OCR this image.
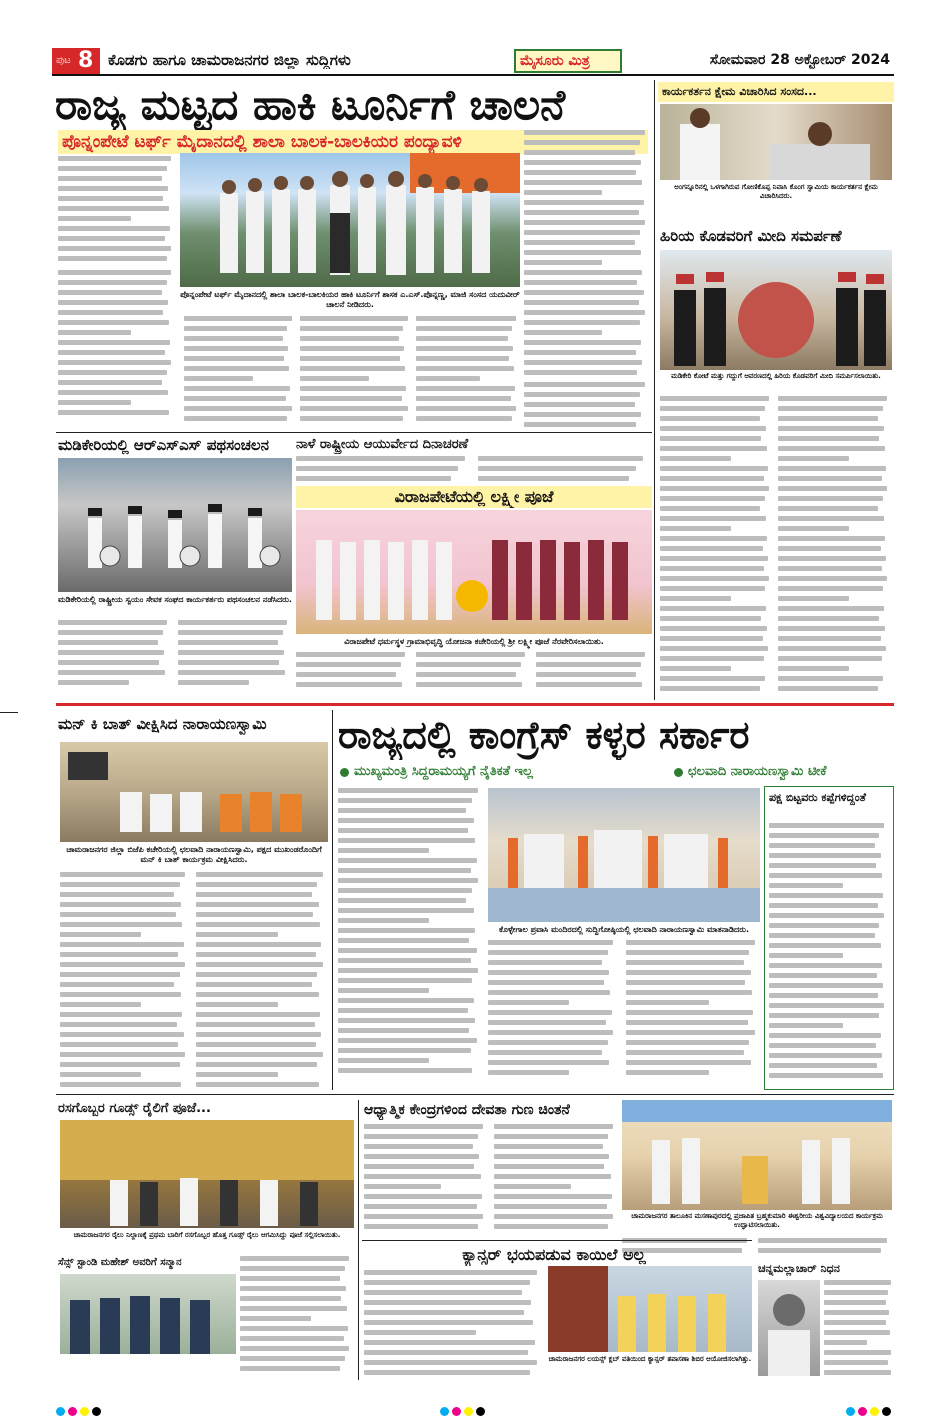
ಪುಟ 8 ಕೊಡಗು ಹಾಗೂ ಚಾಮರಾಜನಗರ ಜಿಲ್ಲಾ ಸುದ್ದಿಗಳು	ಮೈಸೂರು ಮಿತ್ರ	ಸೋಮವಾರ 28 ಅಕ್ಟೋಬರ್ 2024
ರಾಜ್ಯ ಮಟ್ಟದ ಹಾಕಿ ಟೂರ್ನಿಗೆ ಚಾಲನೆ
ಪೊನ್ನಂಪೇಟೆ ಟರ್ಫ್ ಮೈದಾನದಲ್ಲಿ ಶಾಲಾ ಬಾಲಕ-ಬಾಲಕಿಯರ ಪಂದ್ಯಾವಳಿ
ಪೊನ್ನಂಪೇಟೆ ಟರ್ಫ್ ಮೈದಾನದಲ್ಲಿ ಶಾಲಾ ಬಾಲಕ-ಬಾಲಕಿಯರ ಹಾಕಿ ಟೂರ್ನಿಗೆ ಶಾಸಕ ಎ.ಎಸ್.ಪೊನ್ನಣ್ಣ, ಮಾಜಿ ಸಂಸದ ಯದುವೀರ್ ಚಾಲನೆ ನೀಡಿದರು.
ಕಾರ್ಯಕರ್ತನ ಕ್ಷೇಮ ವಿಚಾರಿಸಿದ ಸಂಸದ...
ಅಂಗನ್ನೂರಿನಲ್ಲಿ ಒಳಗಾಗಿರುವ ಗೋಣಿಕೊಪ್ಪ ನಿವಾಸಿ ಕೊಂಗ ಸ್ವಾಮಿಯ ಕಾರ್ಯಕರ್ತನ ಕ್ಷೇಮ ವಿಚಾರಿಸಿದರು.
ಹಿರಿಯ ಕೊಡವರಿಗೆ ಮೀದಿ ಸಮರ್ಪಣೆ
ಮಡಿಕೇರಿ ಕೋಟೆ ಮತ್ತು ಗದ್ದುಗೆ ಆವರಣದಲ್ಲಿ ಹಿರಿಯ ಕೊಡವರಿಗೆ ಮೀದಿ ಸಮರ್ಪಿಸಲಾಯಿತು.
ನಾಳೆ ರಾಷ್ಟ್ರೀಯ ಆಯುರ್ವೇದ ದಿನಾಚರಣೆ
ಮಡಿಕೇರಿಯಲ್ಲಿ ಆರ್‌ಎಸ್‌ಎಸ್ ಪಥಸಂಚಲನ
ಮಡಿಕೇರಿಯಲ್ಲಿ ರಾಷ್ಟ್ರೀಯ ಸ್ವಯಂ ಸೇವಕ ಸಂಘದ ಕಾರ್ಯಕರ್ತರು ಪಥಸಂಚಲನ ನಡೆಸಿದರು.
ವಿರಾಜಪೇಟೆಯಲ್ಲಿ ಲಕ್ಷ್ಮೀ ಪೂಜೆ
ವಿರಾಜಪೇಟೆ ಧರ್ಮಸ್ಥಳ ಗ್ರಾಮಾಭಿವೃದ್ಧಿ ಯೋಜನಾ ಕಚೇರಿಯಲ್ಲಿ ಶ್ರೀ ಲಕ್ಷ್ಮೀ ಪೂಜೆ ನೆರವೇರಿಸಲಾಯಿತು.
ಮನ್ ಕಿ ಬಾತ್ ವೀಕ್ಷಿಸಿದ ನಾರಾಯಣಸ್ವಾಮಿ
ಚಾಮರಾಜನಗರ ಜಿಲ್ಲಾ ಬಿಜೆಪಿ ಕಚೇರಿಯಲ್ಲಿ ಛಲವಾದಿ ನಾರಾಯಣಸ್ವಾಮಿ, ಪಕ್ಷದ ಮುಖಂಡರೊಂದಿಗೆ ಮನ್ ಕಿ ಬಾತ್ ಕಾರ್ಯಕ್ರಮ ವೀಕ್ಷಿಸಿದರು.
ರಾಜ್ಯದಲ್ಲಿ ಕಾಂಗ್ರೆಸ್ ಕಳ್ಳರ ಸರ್ಕಾರ
ಮುಖ್ಯಮಂತ್ರಿ ಸಿದ್ದರಾಮಯ್ಯಗೆ ನೈತಿಕತೆ ಇಲ್ಲ	ಛಲವಾದಿ ನಾರಾಯಣಸ್ವಾಮಿ ಟೀಕೆ
ಕೊಳ್ಳೇಗಾಲ ಪ್ರವಾಸಿ ಮಂದಿರದಲ್ಲಿ ಸುದ್ದಿಗೋಷ್ಠಿಯಲ್ಲಿ ಛಲವಾದಿ ನಾರಾಯಣಸ್ವಾಮಿ ಮಾತನಾಡಿದರು.
ಪಕ್ಷ ಬಿಟ್ಟವರು ಕಪ್ಪೆಗಳಿದ್ದಂತೆ
ರಸಗೊಬ್ಬರ ಗೂಡ್ಸ್ ರೈಲಿಗೆ ಪೂಜೆ...
ಚಾಮರಾಜನಗರ ರೈಲು ನಿಲ್ದಾಣಕ್ಕೆ ಪ್ರಥಮ ಬಾರಿಗೆ ರಸಗೊಬ್ಬರ ಹೊತ್ತ ಗೂಡ್ಸ್ ರೈಲು ಆಗಮಿಸಿದ್ದು ಪೂಜೆ ಸಲ್ಲಿಸಲಾಯಿತು.
ಸೆನ್ಸ್ ಸ್ಟಾಂಡಿ ಮಹೇಶ್ ಅವರಿಗೆ ಸನ್ಮಾನ
ಆಧ್ಯಾತ್ಮಿಕ ಕೇಂದ್ರಗಳಿಂದ ದೇವತಾ ಗುಣ ಚಿಂತನೆ
ಚಾಮರಾಜನಗರ ತಾಲೂಕಿನ ಮಸಣಾಪುರದಲ್ಲಿ ಪ್ರಜಾಪಿತ ಬ್ರಹ್ಮಕುಮಾರಿ ಈಶ್ವರೀಯ ವಿಶ್ವವಿದ್ಯಾಲಯದ ಕಾರ್ಯಕ್ರಮ ಉದ್ಘಾಟಿಸಲಾಯಿತು.
ಕ್ಯಾನ್ಸರ್ ಭಯಪಡುವ ಕಾಯಿಲೆ ಅಲ್ಲ
ಚಾಮರಾಜನಗರ ಲಯನ್ಸ್ ಕ್ಲಬ್ ವತಿಯಿಂದ ಕ್ಯಾನ್ಸರ್ ತಪಾಸಣಾ ಶಿಬಿರ ಆಯೋಜಿಸಲಾಗಿತ್ತು.
ಚನ್ನಮಲ್ಲಾಚಾರ್ ನಿಧನ
